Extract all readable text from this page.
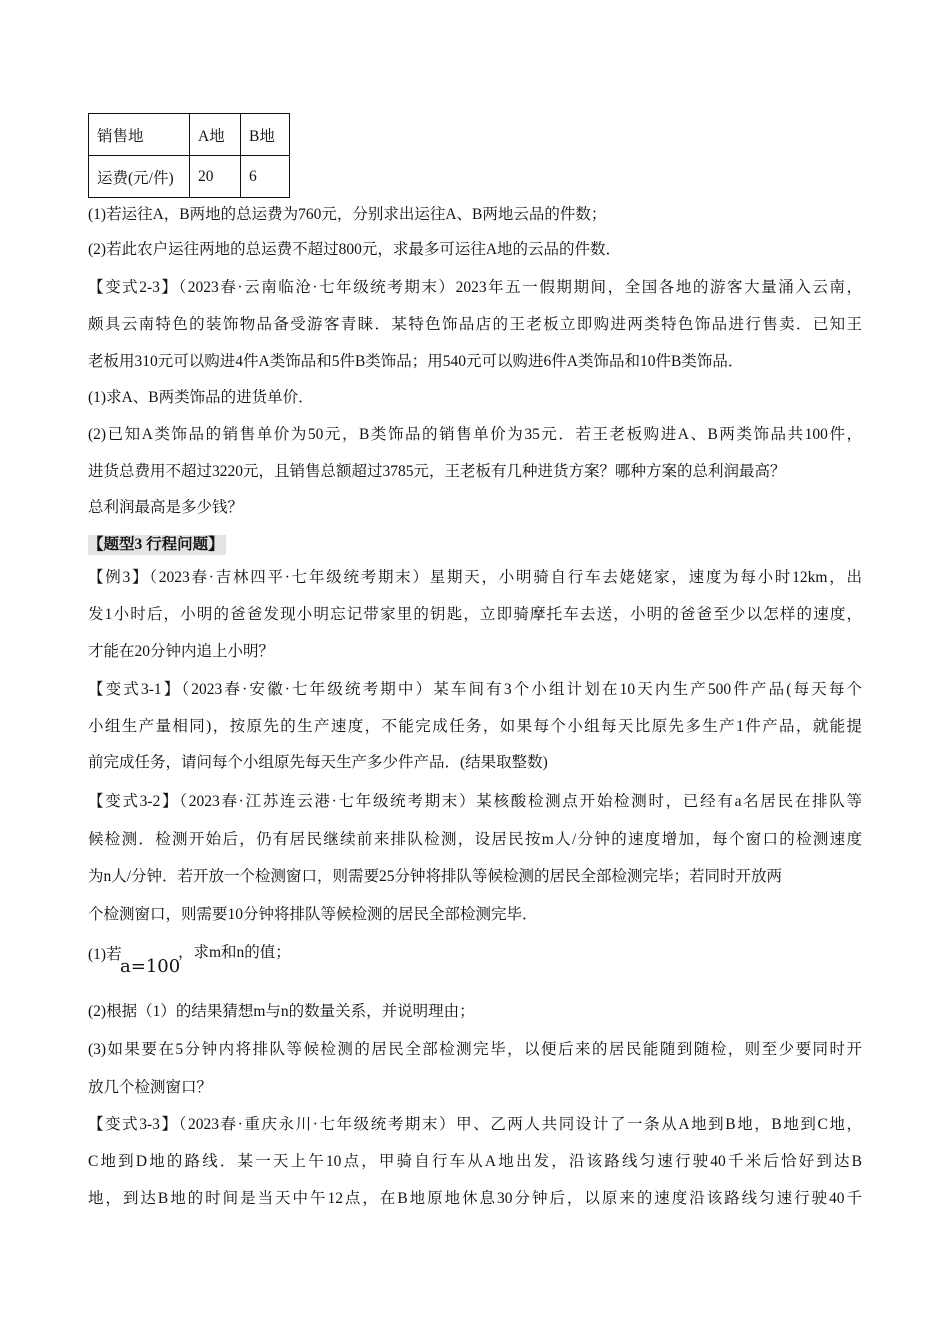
销售地	A地	B地
运费(元/件)	20	6
(1)若运往A，B两地的总运费为760元，分别求出运往A、B两地云品的件数；
(2)若此农户运往两地的总运费不超过800元，求最多可运往A地的云品的件数．
【变式2-3】（2023春·云南临沧·七年级统考期末）2023年五一假期期间，全国各地的游客大量涌入云南，
颇具云南特色的装饰物品备受游客青睐．某特色饰品店的王老板立即购进两类特色饰品进行售卖．已知王
老板用310元可以购进4件A类饰品和5件B类饰品；用540元可以购进6件A类饰品和10件B类饰品．
(1)求A、B两类饰品的进货单价．
(2)已知A类饰品的销售单价为50元，B类饰品的销售单价为35元．若王老板购进A、B两类饰品共100件，
进货总费用不超过3220元，且销售总额超过3785元，王老板有几种进货方案？哪种方案的总利润最高？
总利润最高是多少钱？
【题型3 行程问题】
【例3】（2023春·吉林四平·七年级统考期末）星期天，小明骑自行车去姥姥家，速度为每小时12km，出
发1小时后，小明的爸爸发现小明忘记带家里的钥匙，立即骑摩托车去送，小明的爸爸至少以怎样的速度，
才能在20分钟内追上小明？
【变式3-1】（2023春·安徽·七年级统考期中）某车间有3个小组计划在10天内生产500件产品(每天每个
小组生产量相同)，按原先的生产速度，不能完成任务，如果每个小组每天比原先多生产1件产品，就能提
前完成任务，请问每个小组原先每天生产多少件产品．(结果取整数)
【变式3-2】（2023春·江苏连云港·七年级统考期末）某核酸检测点开始检测时，已经有a名居民在排队等
候检测．检测开始后，仍有居民继续前来排队检测，设居民按m人/分钟的速度增加，每个窗口的检测速度
为n人/分钟．若开放一个检测窗口，则需要25分钟将排队等候检测的居民全部检测完毕；若同时开放两
个检测窗口，则需要10分钟将排队等候检测的居民全部检测完毕．
(1)若
a=100
，求m和n的值；
(2)根据（1）的结果猜想m与n的数量关系，并说明理由；
(3)如果要在5分钟内将排队等候检测的居民全部检测完毕，以便后来的居民能随到随检，则至少要同时开
放几个检测窗口？
【变式3-3】（2023春·重庆永川·七年级统考期末）甲、乙两人共同设计了一条从A地到B地，B地到C地，
C地到D地的路线．某一天上午10点，甲骑自行车从A地出发，沿该路线匀速行驶40千米后恰好到达B
地，到达B地的时间是当天中午12点，在B地原地休息30分钟后，以原来的速度沿该路线匀速行驶40千
